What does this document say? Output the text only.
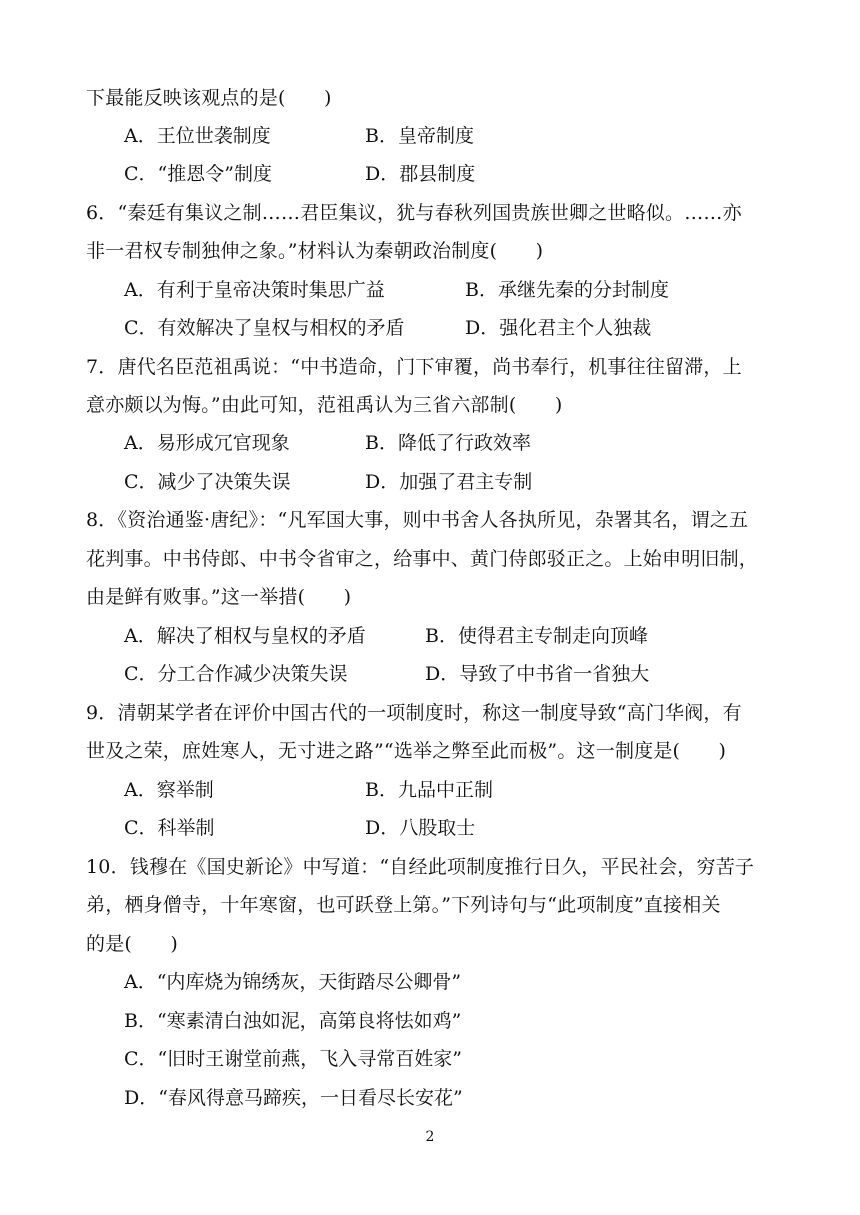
下最能反映该观点的是(　　)
A．王位世袭制度	B．皇帝制度
C．“推恩令”制度	D．郡县制度
6．“秦廷有集议之制……君臣集议，犹与春秋列国贵族世卿之世略似。……亦
非一君权专制独伸之象。”材料认为秦朝政治制度(　　)
A．有利于皇帝决策时集思广益	B．承继先秦的分封制度
C．有效解决了皇权与相权的矛盾	D．强化君主个人独裁
7．唐代名臣范祖禹说：“中书造命，门下审覆，尚书奉行，机事往往留滞，上
意亦颇以为悔。”由此可知，范祖禹认为三省六部制(　　)
A．易形成冗官现象	B．降低了行政效率
C．减少了决策失误	D．加强了君主专制
8．《资治通鉴·唐纪》：“凡军国大事，则中书舍人各执所见，杂署其名，谓之五
花判事。中书侍郎、中书令省审之，给事中、黄门侍郎驳正之。上始申明旧制，
由是鲜有败事。”这一举措(　　)
A．解决了相权与皇权的矛盾	B．使得君主专制走向顶峰
C．分工合作减少决策失误	D．导致了中书省一省独大
9．清朝某学者在评价中国古代的一项制度时，称这一制度导致“高门华阀，有
世及之荣，庶姓寒人，无寸进之路”“选举之弊至此而极”。这一制度是(　　)
A．察举制	B．九品中正制
C．科举制	D．八股取士
10．钱穆在《国史新论》中写道：“自经此项制度推行日久，平民社会，穷苦子
弟，栖身僧寺，十年寒窗，也可跃登上第。”下列诗句与“此项制度”直接相关
的是(　　)
A．“内库烧为锦绣灰，天街踏尽公卿骨”
B．“寒素清白浊如泥，高第良将怯如鸡”
C．“旧时王谢堂前燕，飞入寻常百姓家”
D．“春风得意马蹄疾，一日看尽长安花”
2
